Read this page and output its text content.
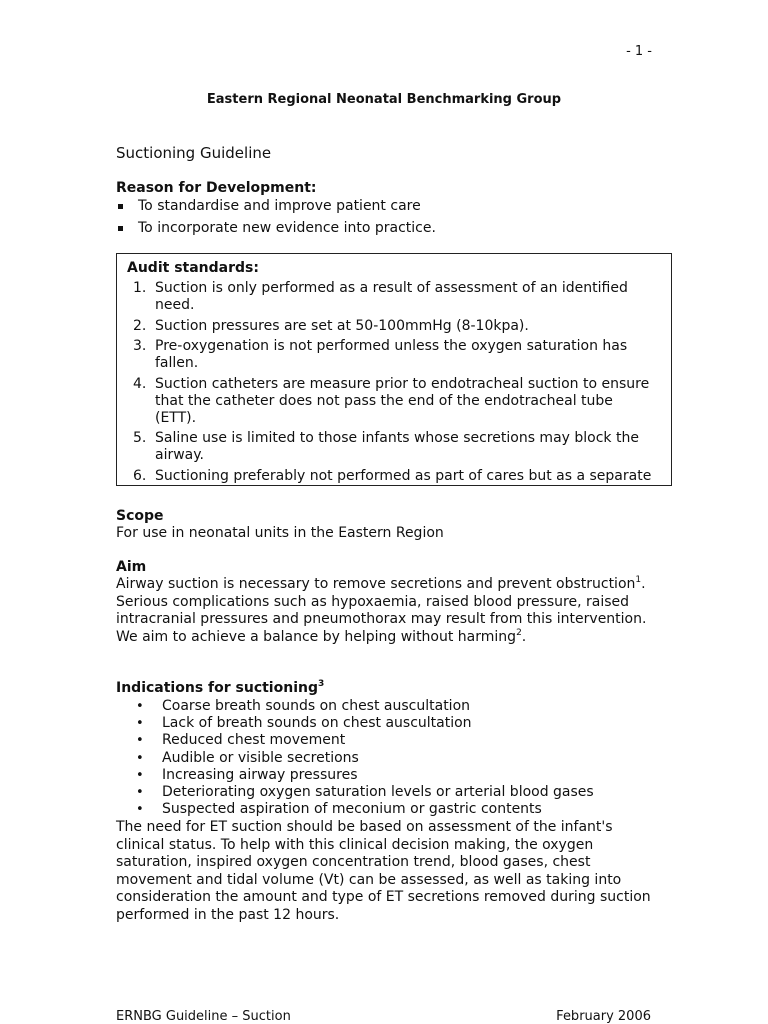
- 1 -
Eastern Regional Neonatal Benchmarking Group
Suctioning Guideline
Reason for Development:
To standardise and improve patient care
To incorporate new evidence into practice.
Audit standards:
1. Suction is only performed as a result of assessment of an identified need.
2. Suction pressures are set at 50-100mmHg (8-10kpa).
3. Pre-oxygenation is not performed unless the oxygen saturation has fallen.
4. Suction catheters are measure prior to endotracheal suction to ensure that the catheter does not pass the end of the endotracheal tube (ETT).
5. Saline use is limited to those infants whose secretions may block the airway.
6. Suctioning preferably not performed as part of cares but as a separate
Scope
For use in neonatal units in the Eastern Region
Aim
Airway suction is necessary to remove secretions and prevent obstruction$^1$. Serious complications such as hypoxaemia, raised blood pressure, raised intracranial pressures and pneumothorax may result from this intervention. We aim to achieve a balance by helping without harming$^2$.
Indications for suctioning$^3$
• Coarse breath sounds on chest auscultation
• Lack of breath sounds on chest auscultation
• Reduced chest movement
• Audible or visible secretions
• Increasing airway pressures
• Deteriorating oxygen saturation levels or arterial blood gases
• Suspected aspiration of meconium or gastric contents
The need for ET suction should be based on assessment of the infant's clinical status. To help with this clinical decision making, the oxygen saturation, inspired oxygen concentration trend, blood gases, chest movement and tidal volume (Vt) can be assessed, as well as taking into consideration the amount and type of ET secretions removed during suction performed in the past 12 hours.
ERNBG Guideline – Suction	February 2006
